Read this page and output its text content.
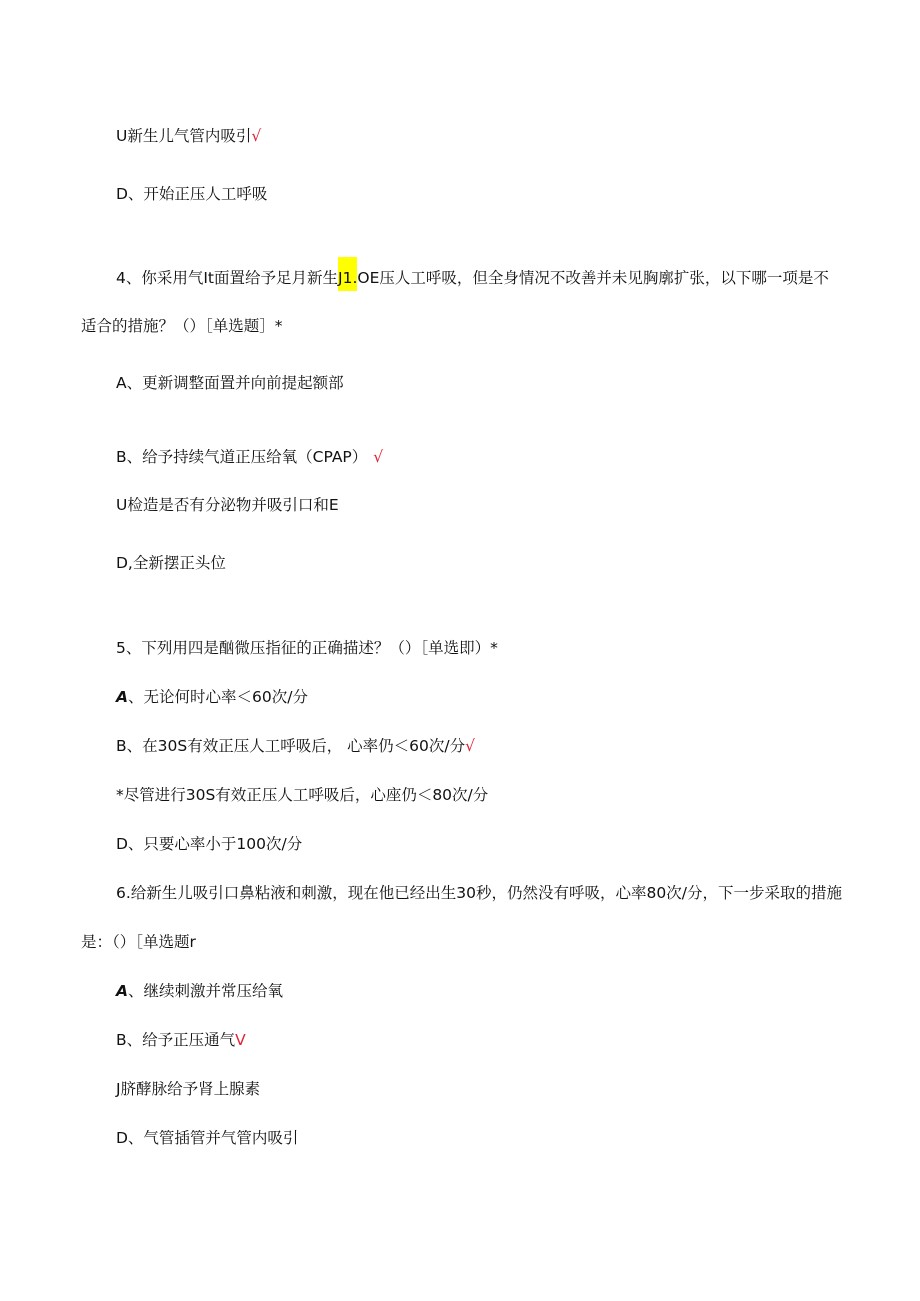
U新生儿气管内吸引√
D、开始正压人工呼吸
4、你采用气It面置给予足月新生J1.OE压人工呼吸，但全身情况不改善并未见胸廓扩张，以下哪一项是不
适合的措施？（）［单选题］*
A、更新调整面置并向前提起额部
B、给予持续气道正压给氧（CPAP） √
U检造是否有分泌物并吸引口和E
D,全新摆正头位
5、下列用四是酗微压指征的正确描述？（）［单选即）*
A、无论何时心率＜60次/分
B、在30S有效正压人工呼吸后， 心率仍＜60次/分√
*尽管进行30S有效正压人工呼吸后，心座仍＜80次/分
D、只要心率小于100次/分
6.给新生儿吸引口鼻粘液和刺激，现在他已经出生30秒，仍然没有呼吸，心率80次/分，下一步采取的措施
是：（）［单选题r
A、继续刺激并常压给氧
B、给予正压通气V
J脐酵脉给予肾上腺素
D、气管插管并气管内吸引
